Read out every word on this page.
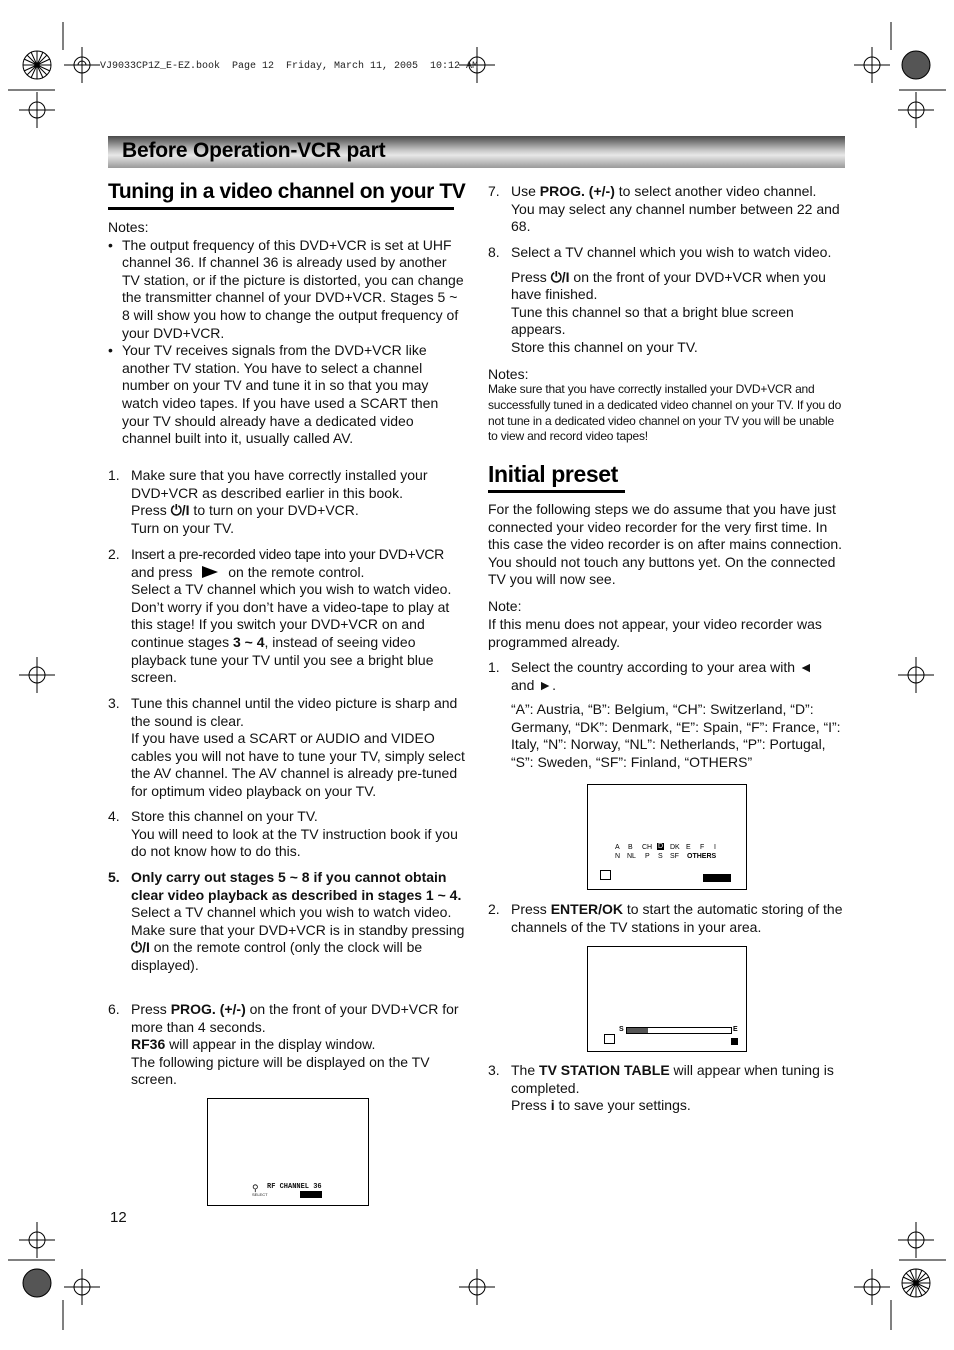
VJ9033CP1Z_E-EZ.book  Page 12  Friday, March 11, 2005  10:12 AM
Before Operation-VCR part
Tuning in a video channel on your TV
Notes:
• The output frequency of this DVD+VCR is set at UHF channel 36. If channel 36 is already used by another TV station, or if the picture is distorted, you can change the transmitter channel of your DVD+VCR. Stages 5 ~ 8 will show you how to change the output frequency of your DVD+VCR.
• Your TV receives signals from the DVD+VCR like another TV station. You have to select a channel number on your TV and tune it in so that you may watch video tapes. If you have used a SCART then your TV should already have a dedicated video channel built into it, usually called AV.
1. Make sure that you have correctly installed your DVD+VCR as described earlier in this book.
Press ⏻/I to turn on your DVD+VCR.
Turn on your TV.
2. Insert a pre-recorded video tape into your DVD+VCR
and press	on the remote control.
Select a TV channel which you wish to watch video. Don’t worry if you don’t have a video-tape to play at this stage! If you switch your DVD+VCR on and continue stages 3 ~ 4, instead of seeing video playback tune your TV until you see a bright blue screen.
3. Tune this channel until the video picture is sharp and the sound is clear.
If you have used a SCART or AUDIO and VIDEO cables you will not have to tune your TV, simply select the AV channel. The AV channel is already pre-tuned for optimum video playback on your TV.
4. Store this channel on your TV.
You will need to look at the TV instruction book if you do not know how to do this.
5. Only carry out stages 5 ~ 8 if you cannot obtain clear video playback as described in stages 1 ~ 4.
Select a TV channel which you wish to watch video.
Make sure that your DVD+VCR is in standby pressing ⏻/I on the remote control (only the clock will be displayed).
6. Press PROG. (+/-) on the front of your DVD+VCR for more than 4 seconds.
RF36 will appear in the display window.
The following picture will be displayed on the TV screen.
⚲
SELECT
RF CHANNEL 36
12
7. Use PROG. (+/-) to select another video channel.
You may select any channel number between 22 and 68.
8. Select a TV channel which you wish to watch video.
Press ⏻/I on the front of your DVD+VCR when you have finished.
Tune this channel so that a bright blue screen appears.
Store this channel on your TV.
Notes:
Make sure that you have correctly installed your DVD+VCR and successfully tuned in a dedicated video channel on your TV. If you do not tune in a dedicated video channel on your TV you will be unable to view and record video tapes!
Initial preset
For the following steps we do assume that you have just connected your video recorder for the very first time. In this case the video recorder is on after mains connection. You should not touch any buttons yet. On the connected TV you will now see.
Note:
If this menu does not appear, your video recorder was programmed already.
1. Select the country according to your area with ◄
and ►.
“A”: Austria, “B”: Belgium, “CH”: Switzerland, “D”: Germany, “DK”: Denmark, “E”: Spain, “F”: France, “I”: Italy, “N”: Norway, “NL”: Netherlands, “P”: Portugal, “S”: Sweden, “SF”: Finland, “OTHERS”
A B CH D DK E F I
N NL P S SF OTHERS
2. Press ENTER/OK to start the automatic storing of the channels of the TV stations in your area.
S	E
3. The TV STATION TABLE will appear when tuning is completed.
Press i to save your settings.
